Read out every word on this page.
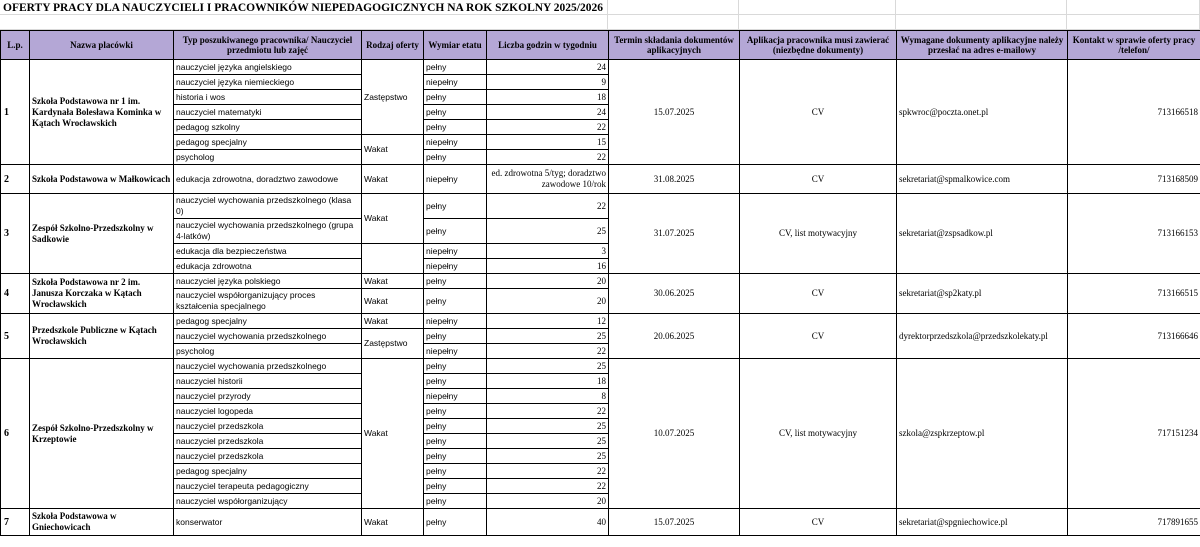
OFERTY PRACY DLA NAUCZYCIELI I PRACOWNIKÓW NIEPEDAGOGICZNYCH NA ROK SZKOLNY 2025/2026
L.p.	Nazwa placówki	Typ poszukiwanego pracownika/ Nauczyciel przedmiotu lub zajęć	Rodzaj oferty	Wymiar etatu	Liczba godzin w tygodniu	Termin składania dokumentów aplikacyjnych	Aplikacja pracownika musi zawierać (niezbędne dokumenty)	Wymagane dokumenty aplikacyjne należy przesłać na adres e-mailowy	Kontakt w sprawie oferty pracy /telefon/
1	Szkoła Podstawowa nr 1 im. Kardynała Bolesława Kominka w Kątach Wrocławskich	nauczyciel języka angielskiego	Zastępstwo	pełny	24	15.07.2025	CV	spkwroc@poczta.onet.pl	713166518
		nauczyciel języka niemieckiego		niepełny	9				
		historia i wos		pełny	18				
		nauczyciel matematyki		pełny	24				
		pedagog szkolny		pełny	22				
		pedagog specjalny	Wakat	niepełny	15				
		psycholog		pełny	22				
2	Szkoła Podstawowa w Małkowicach	edukacja zdrowotna, doradztwo zawodowe	Wakat	niepełny	ed. zdrowotna 5/tyg; doradztwo zawodowe 10/rok	31.08.2025	CV	sekretariat@spmalkowice.com	713168509
3	Zespół Szkolno-Przedszkolny w Sadkowie	nauczyciel wychowania przedszkolnego (klasa 0)	Wakat	pełny	22	31.07.2025	CV, list motywacyjny	sekretariat@zspsadkow.pl	713166153
		nauczyciel wychowania przedszkolnego (grupa 4-latków)		pełny	25				
		edukacja dla bezpieczeństwa		niepełny	3				
		edukacja zdrowotna		niepełny	16				
4	Szkoła Podstawowa nr 2 im. Janusza Korczaka w Kątach Wrocławskich	nauczyciel języka polskiego	Wakat	pełny	20	30.06.2025	CV	sekretariat@sp2katy.pl	713166515
		nauczyciel współorganizujący proces kształcenia specjalnego	Wakat	pełny	20				
5	Przedszkole Publiczne w Kątach Wrocławskich	pedagog specjalny	Wakat	niepełny	12	20.06.2025	CV	dyrektorprzedszkola@przedszkolekaty.pl	713166646
		nauczyciel wychowania przedszkolnego	Zastępstwo	pełny	25				
		psycholog		niepełny	22				
6	Zespół Szkolno-Przedszkolny w Krzeptowie	nauczyciel wychowania przedszkolnego	Wakat	pełny	25	10.07.2025	CV, list motywacyjny	szkola@zspkrzeptow.pl	717151234
		nauczyciel historii		pełny	18				
		nauczyciel przyrody		niepełny	8				
		nauczyciel logopeda		pełny	22				
		nauczyciel przedszkola		pełny	25				
		nauczyciel przedszkola		pełny	25				
		nauczyciel przedszkola		pełny	25				
		pedagog specjalny		pełny	22				
		nauczyciel terapeuta pedagogiczny		pełny	22				
		nauczyciel współorganizujący		pełny	20				
7	Szkoła Podstawowa w Gniechowicach	konserwator	Wakat	pełny	40	15.07.2025	CV	sekretariat@spgniechowice.pl	717891655
